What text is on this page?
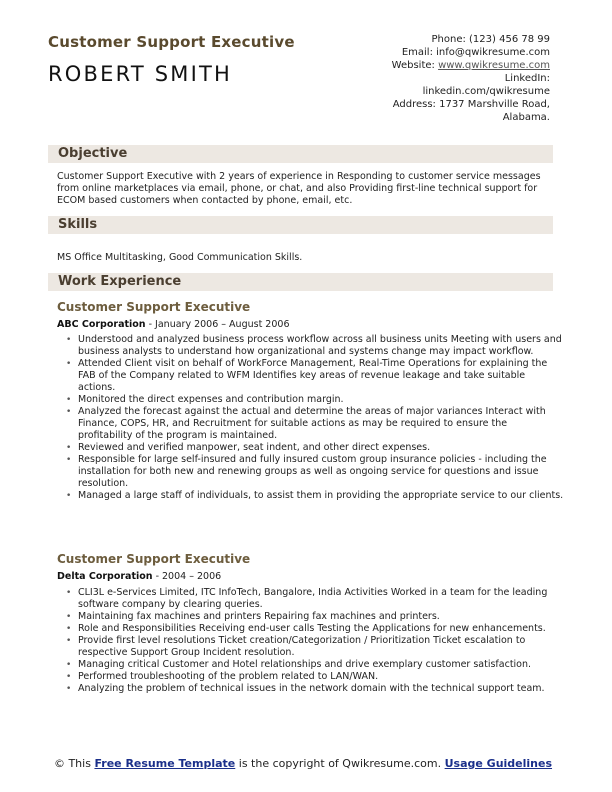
Customer Support Executive
ROBERT SMITH
Phone: (123) 456 78 99
Email: info@qwikresume.com
Website: www.qwikresume.com
LinkedIn:
linkedin.com/qwikresume
Address: 1737 Marshville Road,
Alabama.
Objective
Customer Support Executive with 2 years of experience in Responding to customer service messages from online marketplaces via email, phone, or chat, and also Providing first-line technical support for ECOM based customers when contacted by phone, email, etc.
Skills
MS Office Multitasking, Good Communication Skills.
Work Experience
Customer Support Executive
ABC Corporation - January 2006 – August 2006
• Understood and analyzed business process workflow across all business units Meeting with users and business analysts to understand how organizational and systems change may impact workflow.
• Attended Client visit on behalf of WorkForce Management, Real-Time Operations for explaining the FAB of the Company related to WFM Identifies key areas of revenue leakage and take suitable actions.
• Monitored the direct expenses and contribution margin.
• Analyzed the forecast against the actual and determine the areas of major variances Interact with Finance, COPS, HR, and Recruitment for suitable actions as may be required to ensure the profitability of the program is maintained.
• Reviewed and verified manpower, seat indent, and other direct expenses.
• Responsible for large self-insured and fully insured custom group insurance policies - including the installation for both new and renewing groups as well as ongoing service for questions and issue resolution.
• Managed a large staff of individuals, to assist them in providing the appropriate service to our clients.
Customer Support Executive
Delta Corporation - 2004 – 2006
• CLI3L e-Services Limited, ITC InfoTech, Bangalore, India Activities Worked in a team for the leading software company by clearing queries.
• Maintaining fax machines and printers Repairing fax machines and printers.
• Role and Responsibilities Receiving end-user calls Testing the Applications for new enhancements.
• Provide first level resolutions Ticket creation/Categorization / Prioritization Ticket escalation to respective Support Group Incident resolution.
• Managing critical Customer and Hotel relationships and drive exemplary customer satisfaction.
• Performed troubleshooting of the problem related to LAN/WAN.
• Analyzing the problem of technical issues in the network domain with the technical support team.
© This Free Resume Template is the copyright of Qwikresume.com. Usage Guidelines
